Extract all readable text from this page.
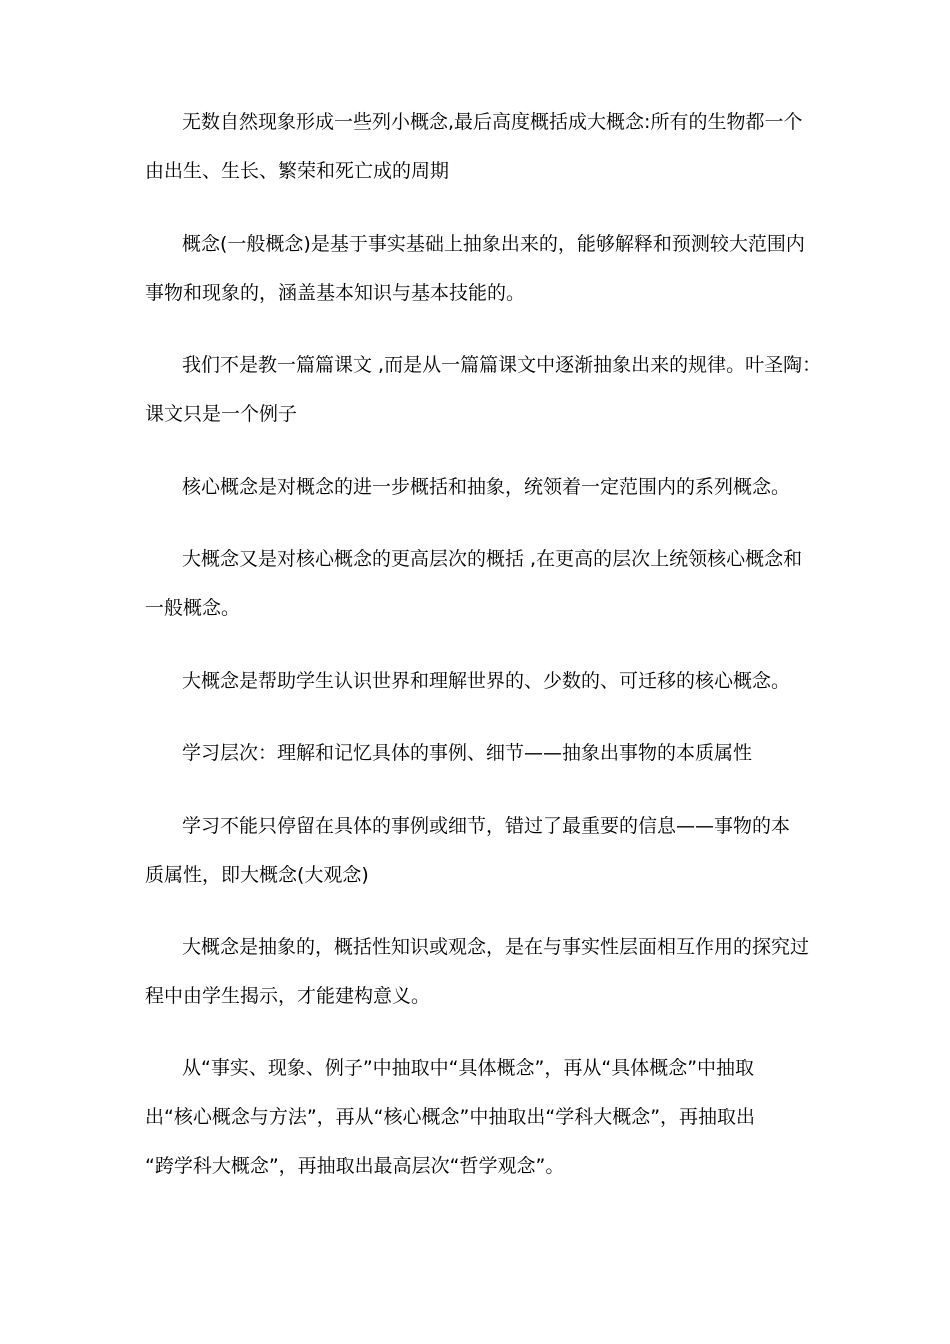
无数自然现象形成一些列小概念,最后高度概括成大概念:所有的生物都一个
由出生、生长、繁荣和死亡成的周期
概念(一般概念)是基于事实基础上抽象出来的，能够解释和预测较大范围内
事物和现象的，涵盖基本知识与基本技能的。
我们不是教一篇篇课文 ,而是从一篇篇课文中逐渐抽象出来的规律。叶圣陶：
课文只是一个例子
核心概念是对概念的进一步概括和抽象，统领着一定范围内的系列概念。
大概念又是对核心概念的更高层次的概括 ,在更高的层次上统领核心概念和
一般概念。
大概念是帮助学生认识世界和理解世界的、少数的、可迁移的核心概念。
学习层次：理解和记忆具体的事例、细节——抽象出事物的本质属性
学习不能只停留在具体的事例或细节，错过了最重要的信息——事物的本
质属性，即大概念(大观念)
大概念是抽象的，概括性知识或观念，是在与事实性层面相互作用的探究过
程中由学生揭示，才能建构意义。
从“事实、现象、例子”中抽取中“具体概念”，再从“具体概念”中抽取
出“核心概念与方法”，再从“核心概念”中抽取出“学科大概念”，再抽取出
“跨学科大概念”，再抽取出最高层次“哲学观念”。
